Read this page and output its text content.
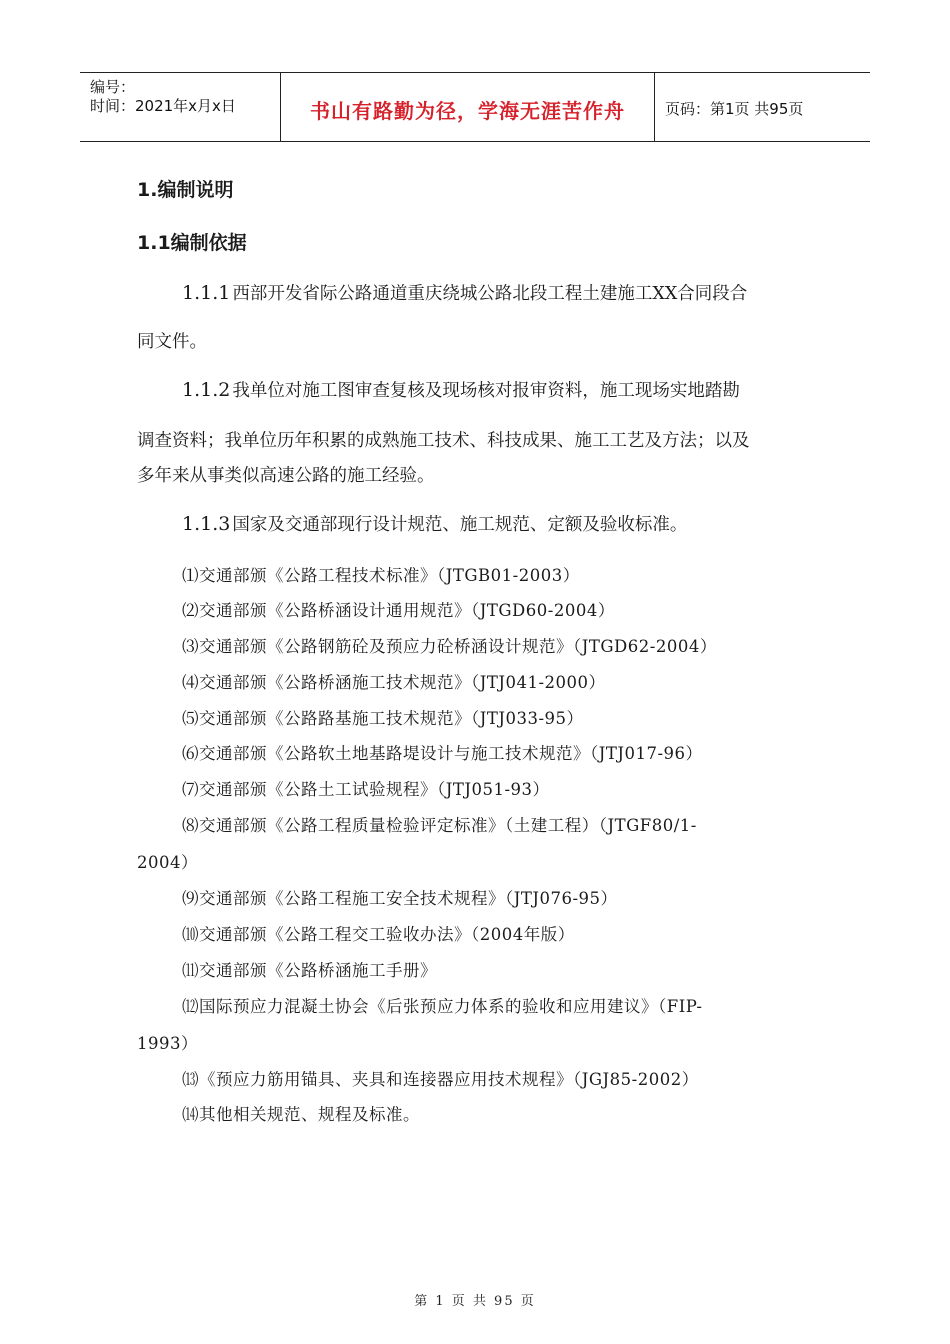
编号：
时间：2021年x月x日	书山有路勤为径，学海无涯苦作舟	页码：第1页 共95页
1.编制说明
1.1编制依据
1.1.1 西部开发省际公路通道重庆绕城公路北段工程土建施工XX合同段合
同文件。
1.1.2 我单位对施工图审查复核及现场核对报审资料，施工现场实地踏勘
调查资料；我单位历年积累的成熟施工技术、科技成果、施工工艺及方法；以及
多年来从事类似高速公路的施工经验。
1.1.3 国家及交通部现行设计规范、施工规范、定额及验收标准。
⑴交通部颁《公路工程技术标准》（JTGB01-2003）
⑵交通部颁《公路桥涵设计通用规范》（JTGD60-2004）
⑶交通部颁《公路钢筋砼及预应力砼桥涵设计规范》（JTGD62-2004）
⑷交通部颁《公路桥涵施工技术规范》（JTJ041-2000）
⑸交通部颁《公路路基施工技术规范》（JTJ033-95）
⑹交通部颁《公路软土地基路堤设计与施工技术规范》（JTJ017-96）
⑺交通部颁《公路土工试验规程》（JTJ051-93）
⑻交通部颁《公路工程质量检验评定标准》（土建工程）（JTGF80/1-
2004）
⑼交通部颁《公路工程施工安全技术规程》（JTJ076-95）
⑽交通部颁《公路工程交工验收办法》（2004年版）
⑾交通部颁《公路桥涵施工手册》
⑿国际预应力混凝土协会《后张预应力体系的验收和应用建议》（FIP-
1993）
⒀《预应力筋用锚具、夹具和连接器应用技术规程》（JGJ85-2002）
⒁其他相关规范、规程及标准。
第 1 页 共 95 页
